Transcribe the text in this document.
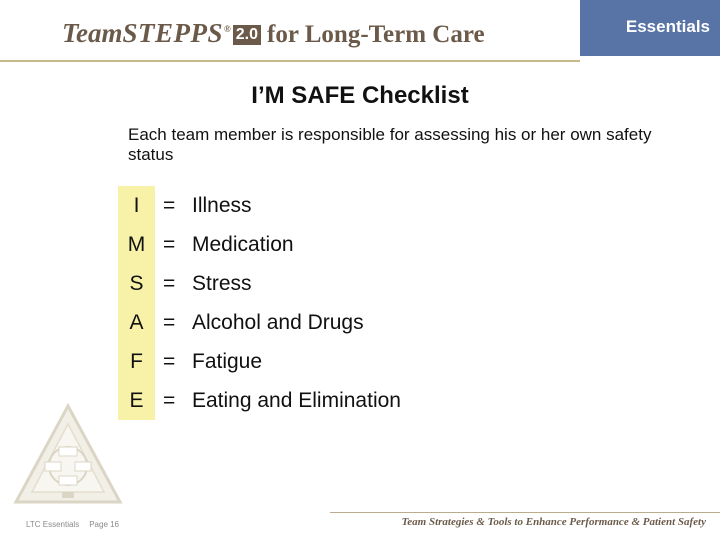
TeamSTEPPS® 2.0 for Long-Term Care	Essentials
I’M SAFE Checklist
Each team member is responsible for assessing his or her own safety status
I	= Illness
M = Medication
S = Stress
A = Alcohol and Drugs
F = Fatigue
E = Eating and Elimination
LTC Essentials Page 16	Team Strategies & Tools to Enhance Performance & Patient Safety
